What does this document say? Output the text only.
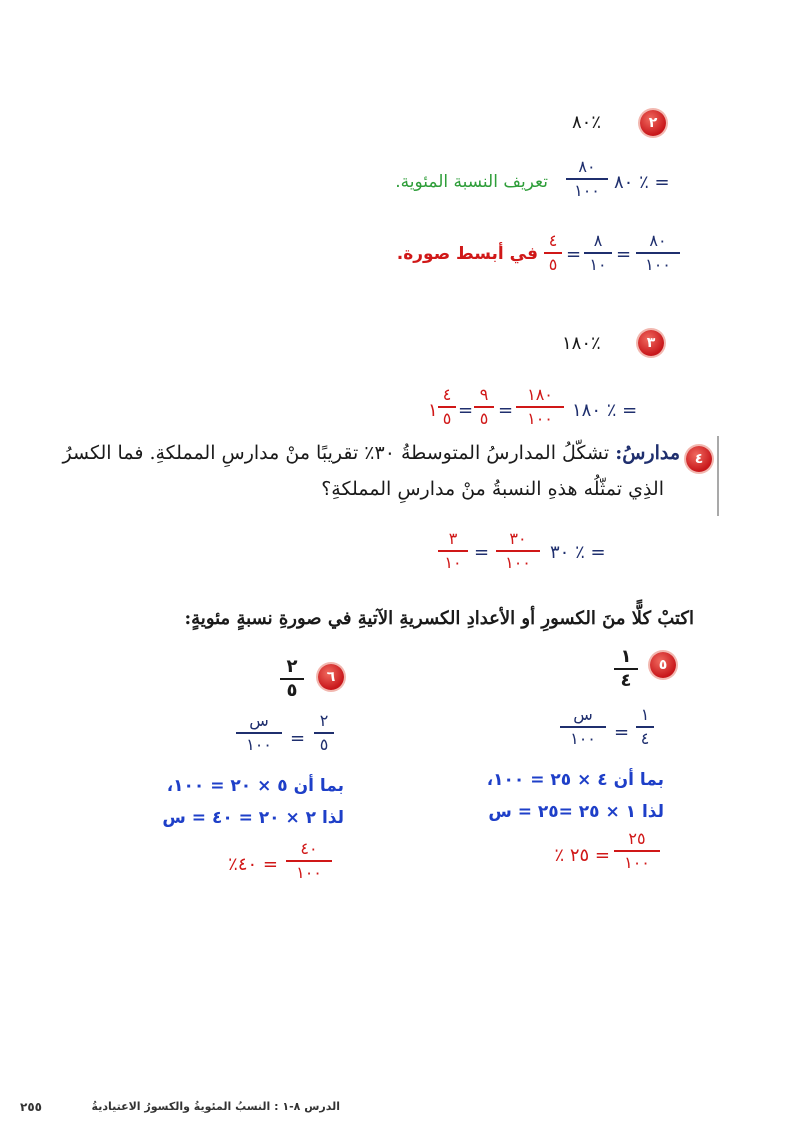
٢
٨٠٪
٨٠ ٪ =
٨٠
١٠٠
تعريف النسبة المئوية.
٨٠
١٠٠
=
٨
١٠
=
٤
٥
في أبسط صورة.
٣
١٨٠٪
١٨٠ ٪ =
١٨٠
١٠٠
=
٩
٥
=
٤
٥
١
٤
مدارسُ: تشكّلُ المدارسُ المتوسطةُ ٣٠٪ تقريبًا منْ مدارسِ المملكةِ. فما الكسرُ
الذِي تمثّلُه هذهِ النسبةُ منْ مدارسِ المملكةِ؟
٣٠ ٪ =
٣٠
١٠٠
=
٣
١٠
اكتبْ كلًّا منَ الكسورِ أو الأعدادِ الكسريةِ الآتيةِ في صورةِ نسبةٍ مئويةٍ:
٥
١
٤
١
٤
=
س
١٠٠
بما أن ٤ × ٢٥ = ١٠٠،
لذا ١ × ٢٥ =٢٥ = س
٢٥
١٠٠
= ٢٥ ٪
٦
٢
٥
٢
٥
=
س
١٠٠
بما أن ٥ × ٢٠ = ١٠٠،
لذا ٢ × ٢٠ = ٤٠ = س
٤٠
١٠٠
= ٤٠٪
الدرس ٨-١ : النسبُ المئويةُ والكسورُ الاعتياديةُ
٢٥٥
